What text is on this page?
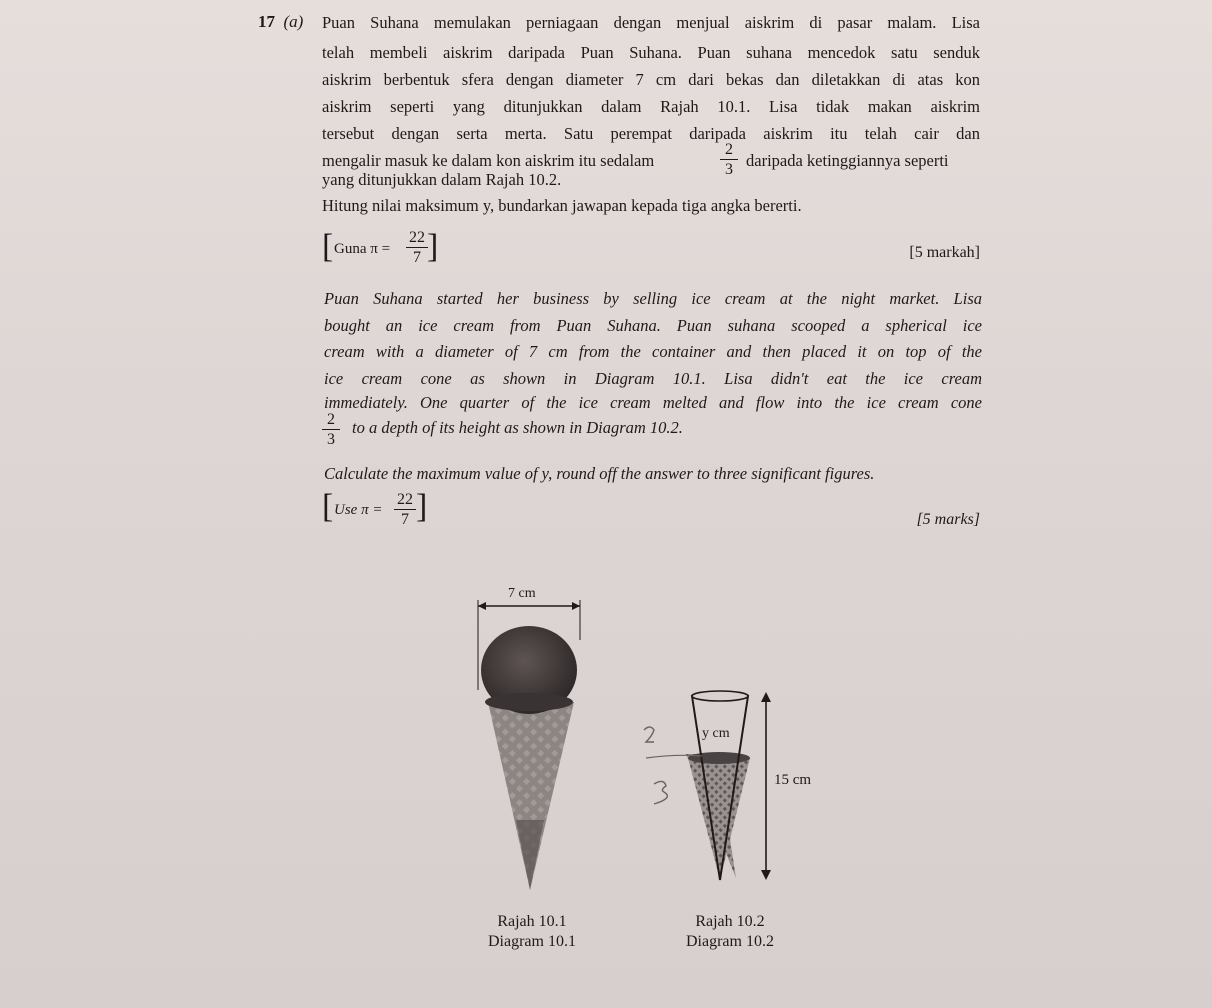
17 (a) Puan Suhana memulakan perniagaan dengan menjual aiskrim di pasar malam. Lisa
telah membeli aiskrim daripada Puan Suhana. Puan suhana mencedok satu senduk
aiskrim berbentuk sfera dengan diameter 7 cm dari bekas dan diletakkan di atas kon
aiskrim seperti yang ditunjukkan dalam Rajah 10.1. Lisa tidak makan aiskrim
tersebut dengan serta merta. Satu perempat daripada aiskrim itu telah cair dan
mengalir masuk ke dalam kon aiskrim itu sedalam	$\frac{2}{3}$ daripada ketinggiannya seperti
yang ditunjukkan dalam Rajah 10.2.
Hitung nilai maksimum y, bundarkan jawapan kepada tiga angka bererti.
[ Guna $\pi = \frac{22}{7}$ ]	[5 markah]
Puan Suhana started her business by selling ice cream at the night market. Lisa
bought an ice cream from Puan Suhana. Puan suhana scooped a spherical ice
cream with a diameter of 7 cm from the container and then placed it on top of the
ice cream cone as shown in Diagram 10.1. Lisa didn't eat the ice cream
immediately. One quarter of the ice cream melted and flow into the ice cream cone
$\frac{2}{3}$ to a depth of its height as shown in Diagram 10.2.
Calculate the maximum value of y, round off the answer to three significant figures.
[ Use $\pi = \frac{22}{7}$ ]	[5 marks]
7 cm
y cm
15 cm
Rajah 10.1
Diagram 10.1
Rajah 10.2
Diagram 10.2
